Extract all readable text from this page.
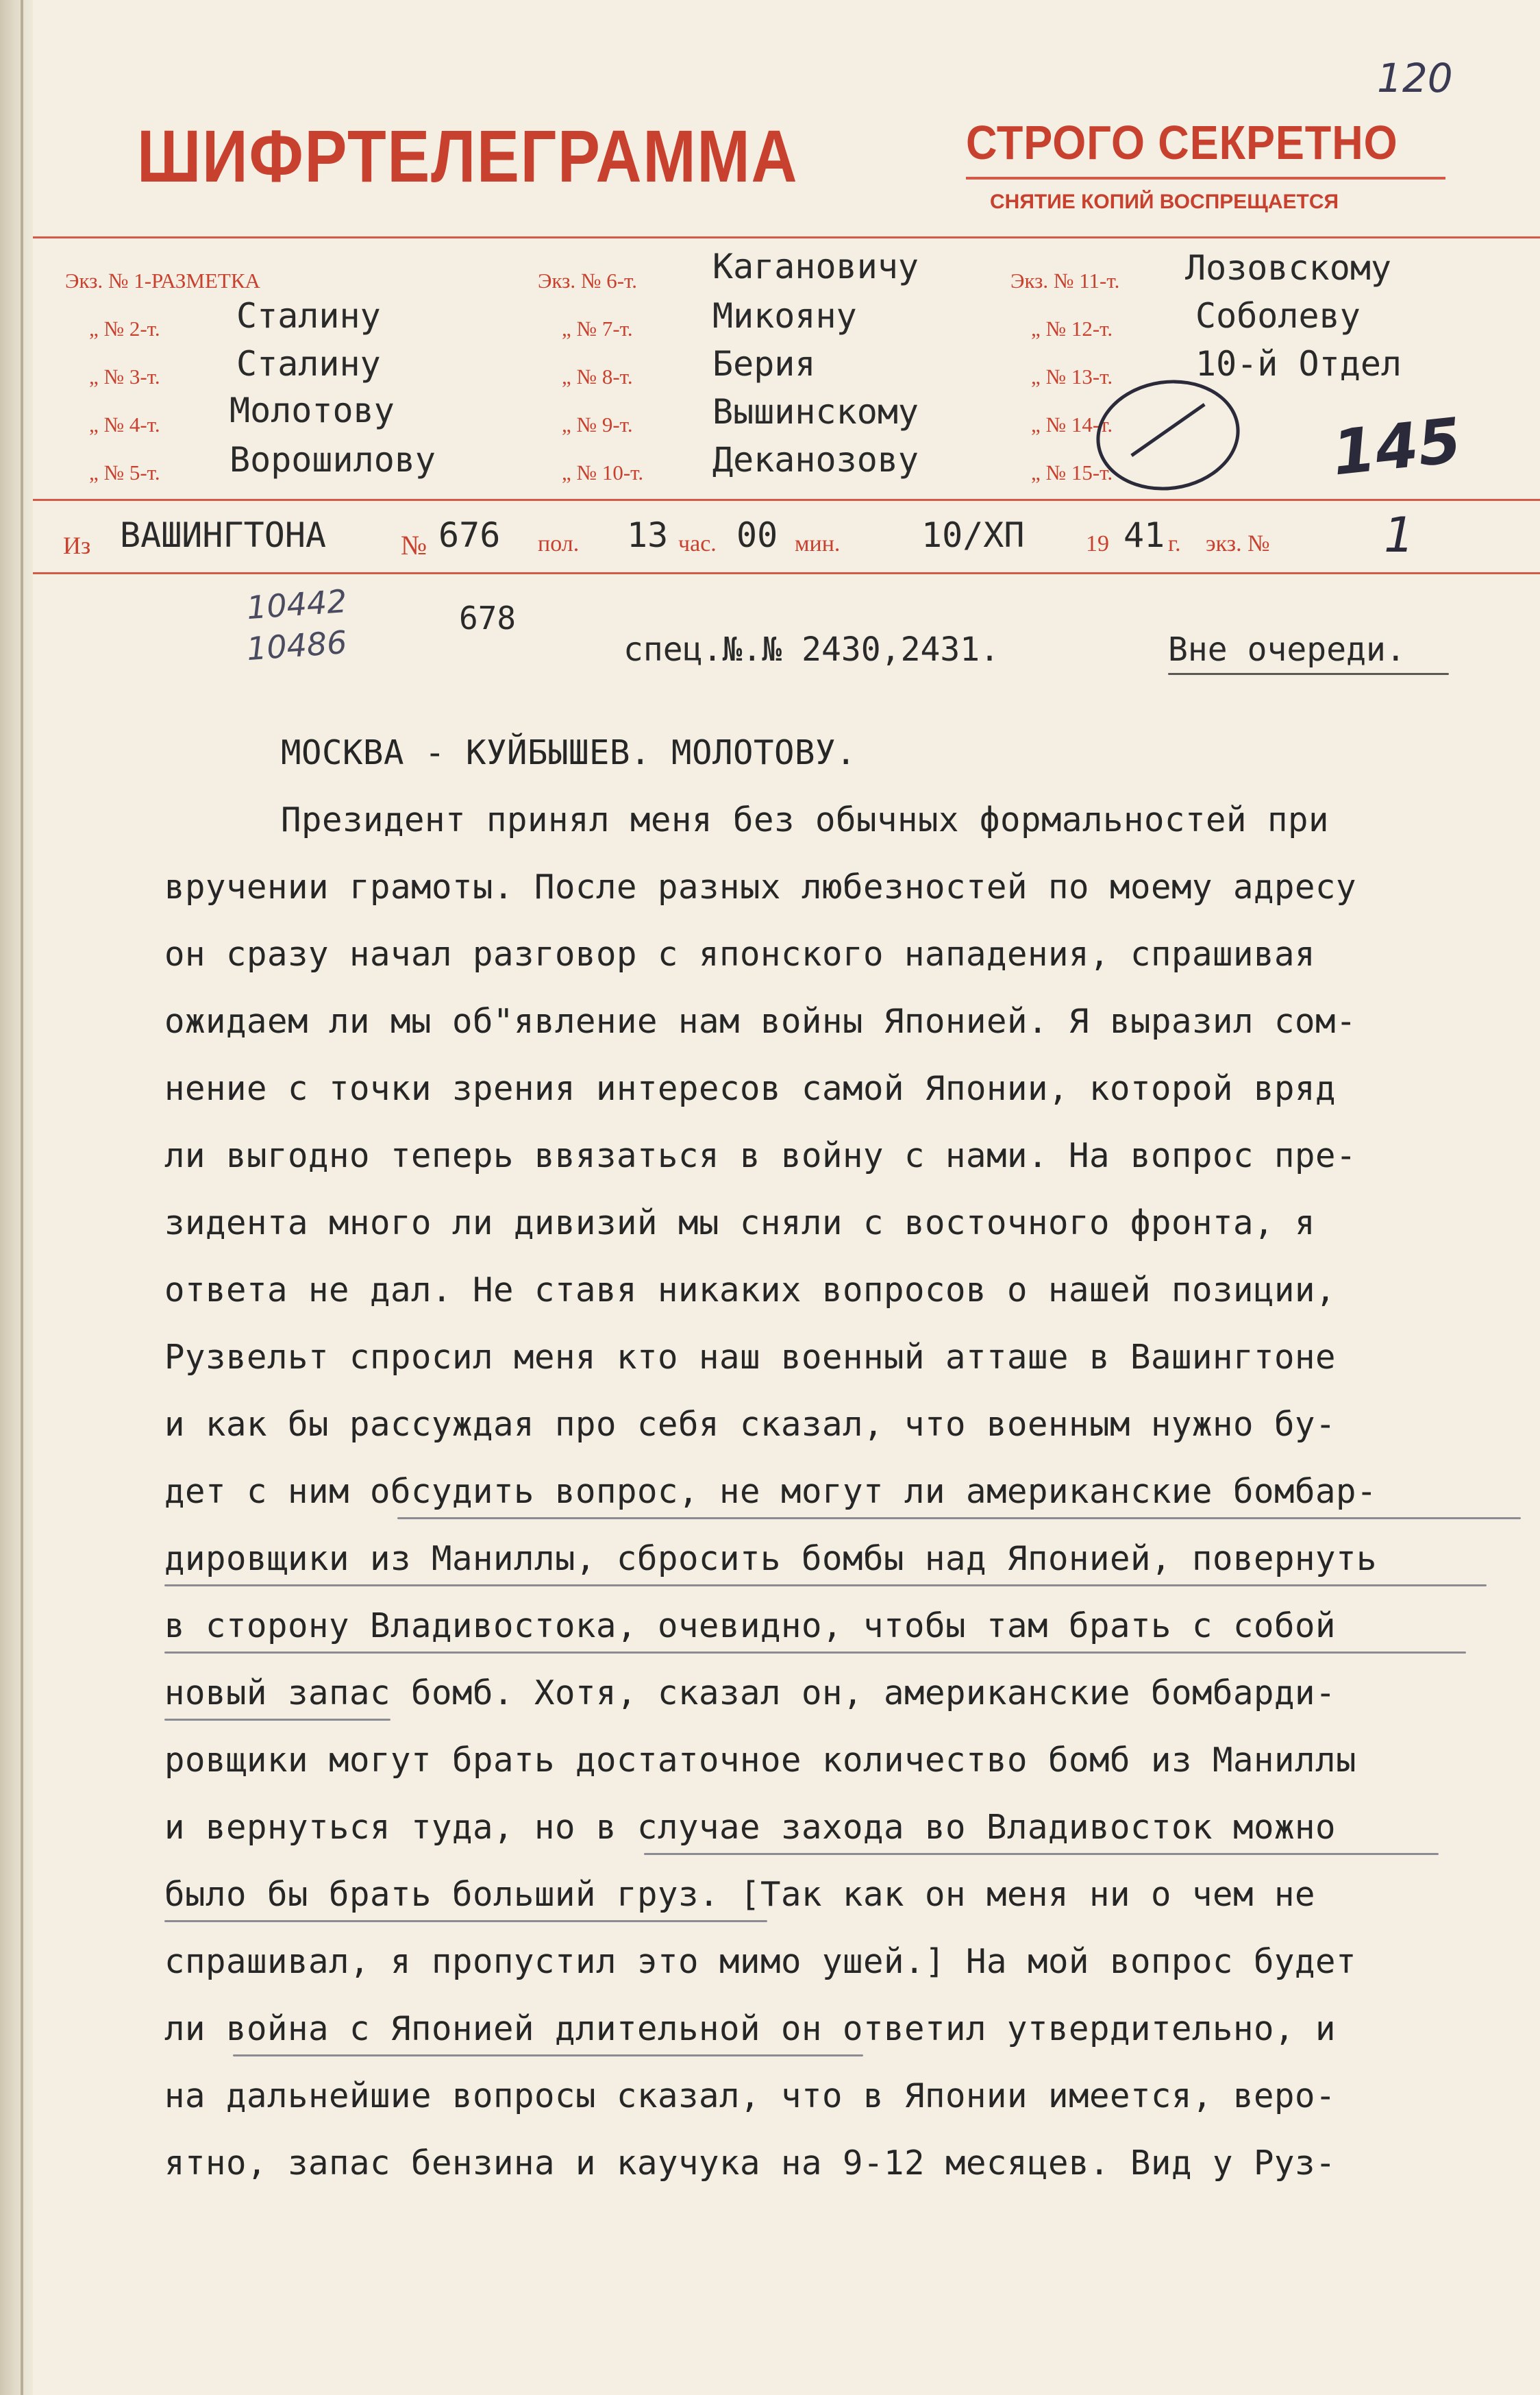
120
ШИФРТЕЛЕГРАММА	СТРОГО СЕКРЕТНО
СНЯТИЕ КОПИЙ ВОСПРЕЩАЕТСЯ
Экз. № 1-РАЗМЕТКА
„ № 2-т. Сталину
„ № 3-т. Сталину
„ № 4-т. Молотову
„ № 5-т. Ворошилову
Экз. № 6-т. Кагановичу
„ № 7-т. Микояну
„ № 8-т. Берия
„ № 9-т. Вышинскому
„ № 10-т. Деканозову
Экз. № 11-т. Лозовскому
„ № 12-т. Соболеву
„ № 13-т. 10-й Отдел
„ № 14-т.
„ № 15-т.	145
Из ВАШИНГТОНА	№ 676 пол. 13 час. 00 мин. 10/ХП	19 41 г. экз. № 1
10442
10486
678
спец.№.№ 2430,2431.	Вне очереди.
МОСКВА - КУЙБЫШЕВ. МОЛОТОВУ.
Президент принял меня без обычных формальностей при
вручении грамоты. После разных любезностей по моему адресу
он сразу начал разговор с японского нападения, спрашивая
ожидаем ли мы об"явление нам войны Японией. Я выразил сом-
нение с точки зрения интересов самой Японии, которой вряд
ли выгодно теперь ввязаться в войну с нами. На вопрос пре-
зидента много ли дивизий мы сняли с восточного фронта, я
ответа не дал. Не ставя никаких вопросов о нашей позиции,
Рузвельт спросил меня кто наш военный атташе в Вашингтоне
и как бы рассуждая про себя сказал, что военным нужно бу-
дет с ним обсудить вопрос, не могут ли американские бомбар-
дировщики из Маниллы, сбросить бомбы над Японией, повернуть
в сторону Владивостока, очевидно, чтобы там брать с собой
новый запас бомб. Хотя, сказал он, американские бомбарди-
ровщики могут брать достаточное количество бомб из Маниллы
и вернуться туда, но в случае захода во Владивосток можно
было бы брать больший груз. [Так как он меня ни о чем не
спрашивал, я пропустил это мимо ушей.] На мой вопрос будет
ли война с Японией длительной он ответил утвердительно, и
на дальнейшие вопросы сказал, что в Японии имеется, веро-
ятно, запас бензина и каучука на 9-12 месяцев. Вид у Руз-
